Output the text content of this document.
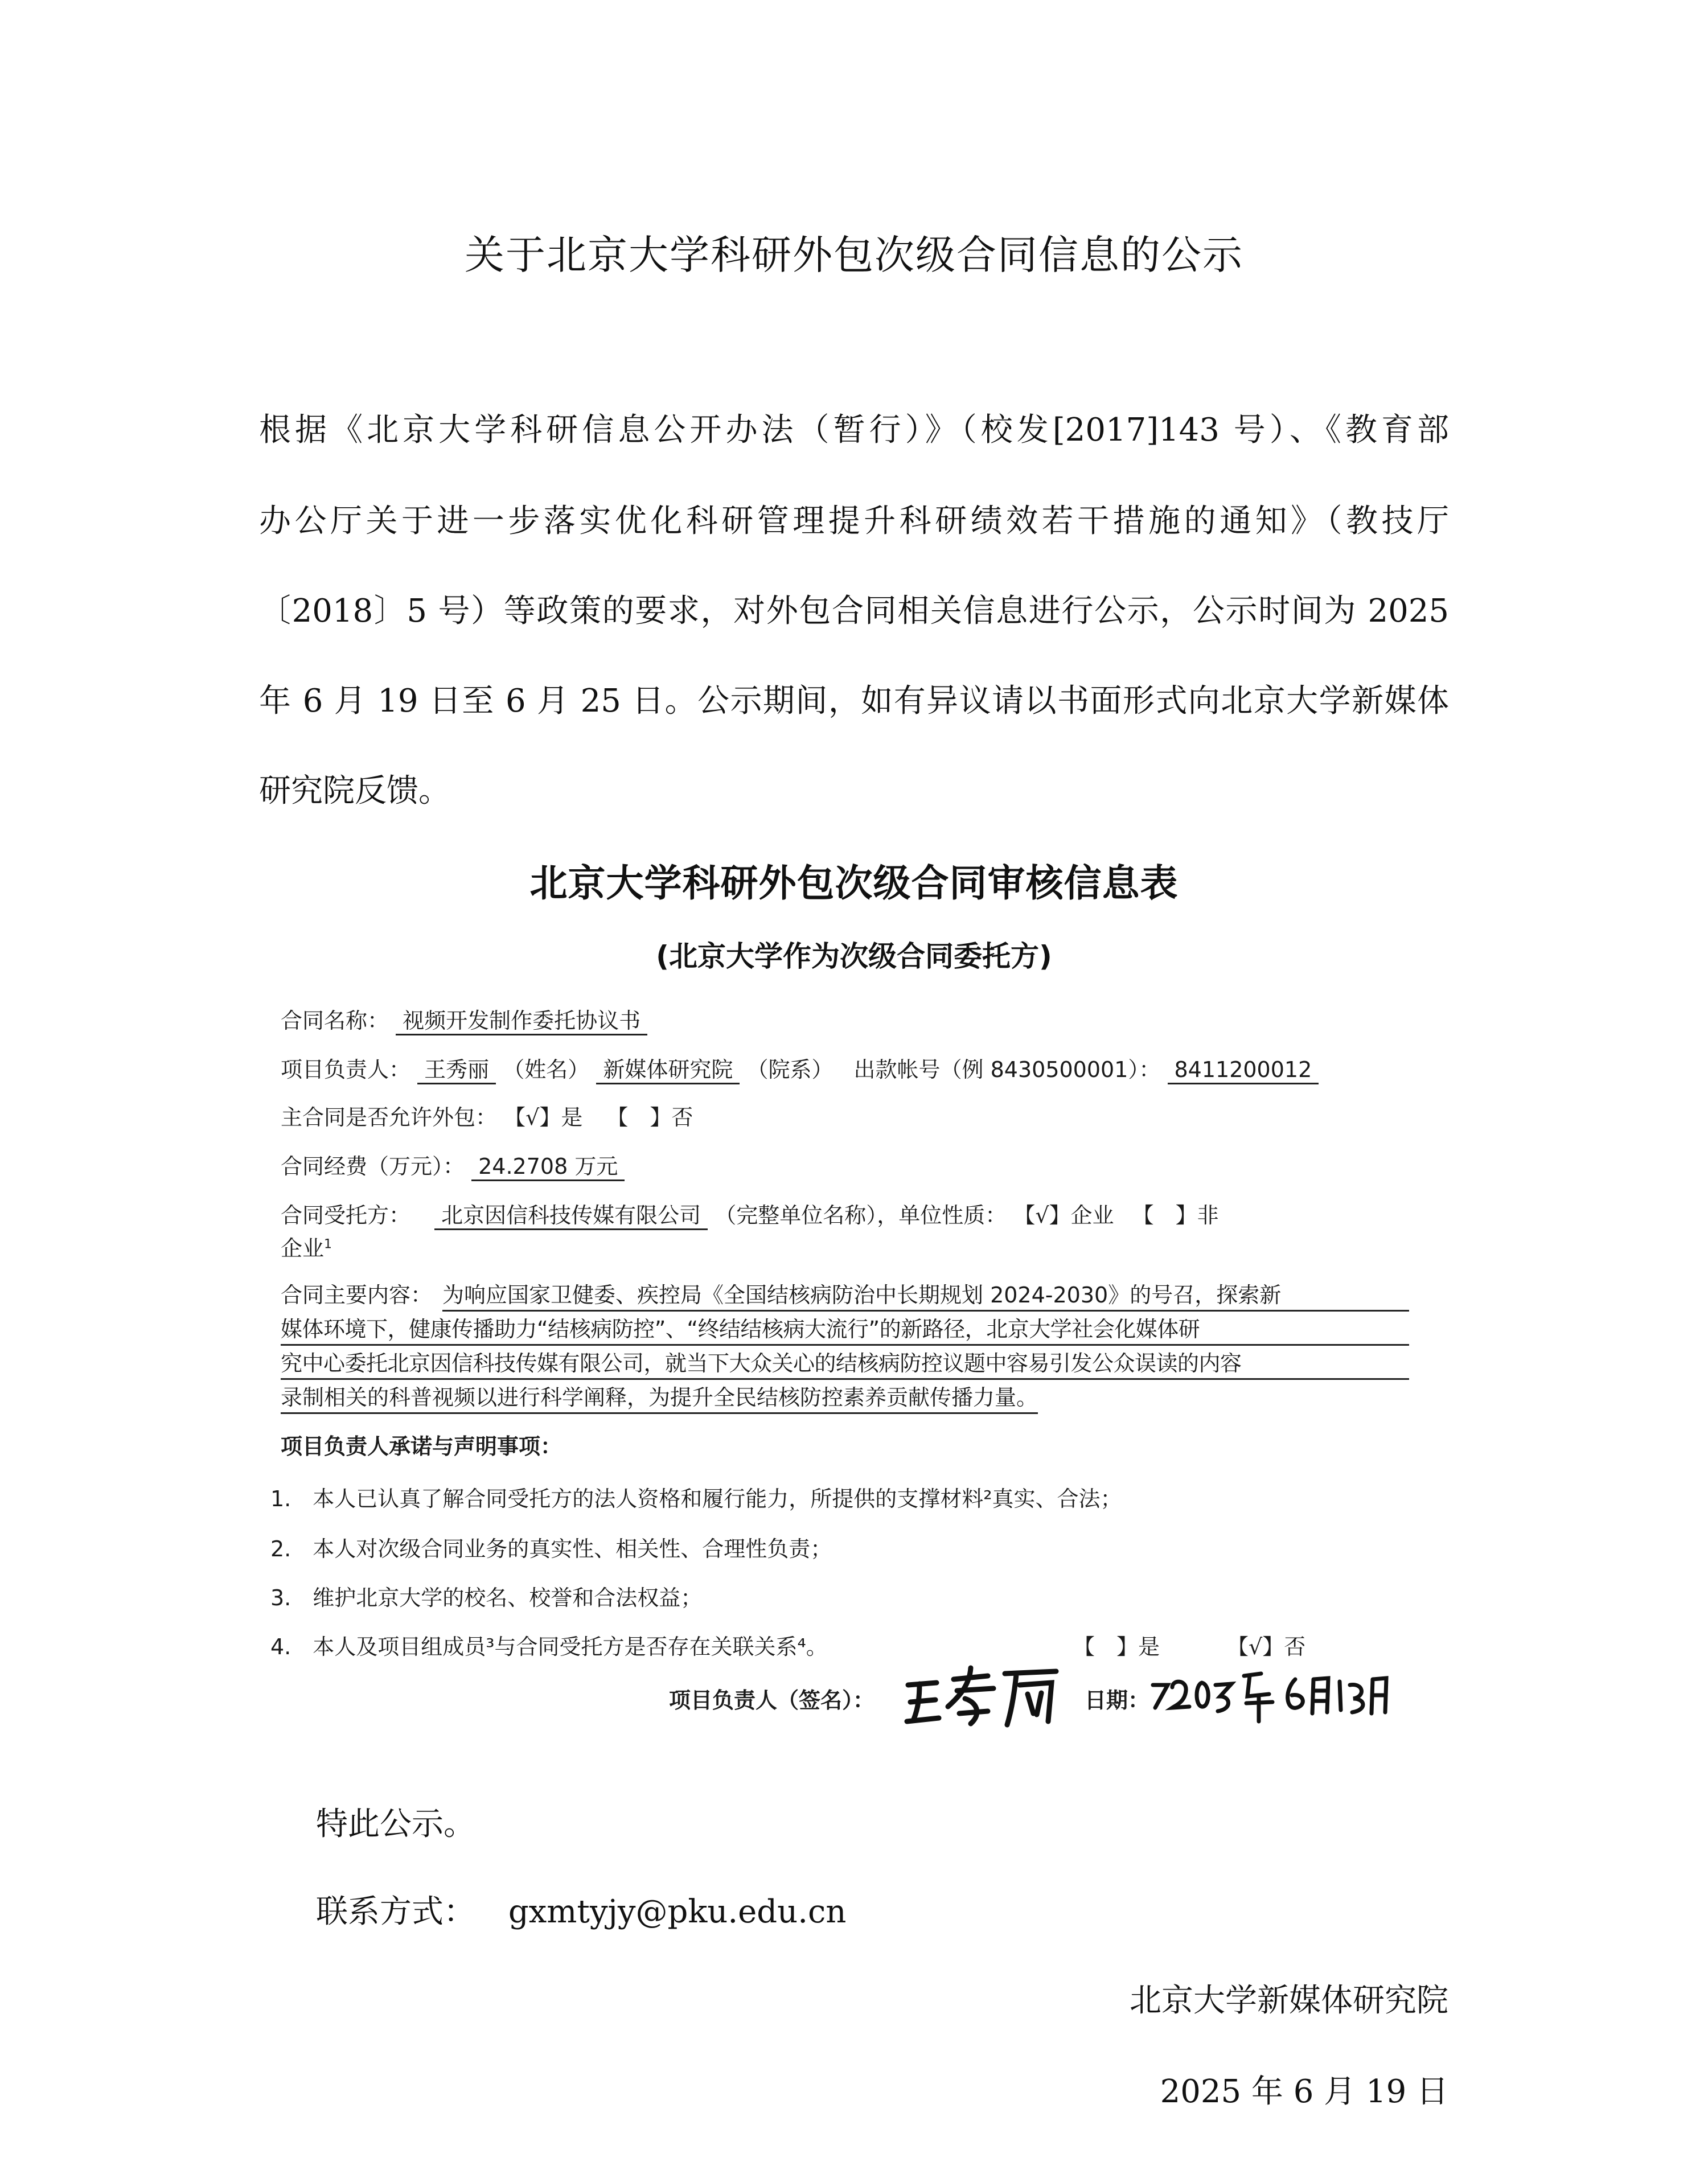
关于北京大学科研外包次级合同信息的公示
根据《北京大学科研信息公开办法（暂行）》（校发[2017]143 号）、《教育部
办公厅关于进一步落实优化科研管理提升科研绩效若干措施的通知》（教技厅
〔2018〕5 号）等政策的要求，对外包合同相关信息进行公示，公示时间为 2025
年 6 月 19 日至 6 月 25 日。公示期间，如有异议请以书面形式向北京大学新媒体
研究院反馈。
北京大学科研外包次级合同审核信息表
(北京大学作为次级合同委托方)
合同名称： 视频开发制作委托协议书
项目负责人： 王秀丽 （姓名） 新媒体研究院 （院系） 出款帐号（例 8430500001）： 8411200012
主合同是否允许外包： 【√】是 【　】否
合同经费（万元）： 24.2708 万元
合同受托方： 北京因信科技传媒有限公司 （完整单位名称），单位性质： 【√】企业 【　】非
企业$^1$
合同主要内容： 为响应国家卫健委、疾控局《全国结核病防治中长期规划 2024-2030》的号召，探索新
媒体环境下，健康传播助力“结核病防控”、“终结结核病大流行”的新路径，北京大学社会化媒体研
究中心委托北京因信科技传媒有限公司，就当下大众关心的结核病防控议题中容易引发公众误读的内容
录制相关的科普视频以进行科学阐释，为提升全民结核防控素养贡献传播力量。
项目负责人承诺与声明事项：
1.　本人已认真了解合同受托方的法人资格和履行能力，所提供的支撑材料²真实、合法；
2.　本人对次级合同业务的真实性、相关性、合理性负责；
3.　维护北京大学的校名、校誉和合法权益；
4.　本人及项目组成员³与合同受托方是否存在关联关系⁴。	【　】是	【√】否
项目负责人（签名）：	日期：
特此公示。
联系方式： gxmtyjy@pku.edu.cn
北京大学新媒体研究院
2025 年 6 月 19 日
